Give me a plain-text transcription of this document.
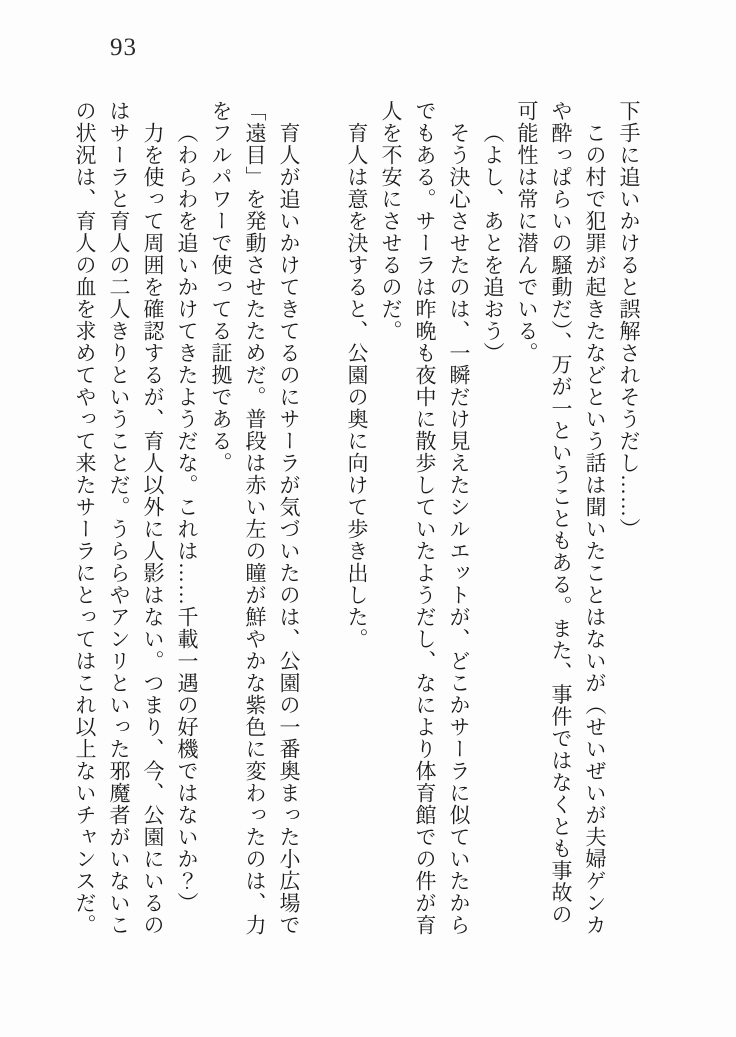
93
下手に追いかけると誤解されそうだし……）
この村で犯罪が起きたなどという話は聞いたことはないが（せいぜいが夫婦ゲンカ
や酔っぱらいの騒動だ）、万が一ということもある。また、事件ではなくとも事故の
可能性は常に潜んでいる。
（よし、あとを追おう）
そう決心させたのは、一瞬だけ見えたシルエットが、どこかサーラに似ていたから
でもある。サーラは昨晩も夜中に散歩していたようだし、なにより体育館での件が育
人を不安にさせるのだ。
育人は意を決すると、公園の奥に向けて歩き出した。
育人が追いかけてきてるのにサーラが気づいたのは、公園の一番奥まった小広場で
「遠目」を発動させたためだ。普段は赤い左の瞳が鮮やかな紫色に変わったのは、力
をフルパワーで使ってる証拠である。
（わらわを追いかけてきたようだな。これは……千載一遇の好機ではないか？）
力を使って周囲を確認するが、育人以外に人影はない。つまり、今、公園にいるの
はサーラと育人の二人きりということだ。うららやアンリといった邪魔者がいないこ
の状況は、育人の血を求めてやって来たサーラにとってはこれ以上ないチャンスだ。
